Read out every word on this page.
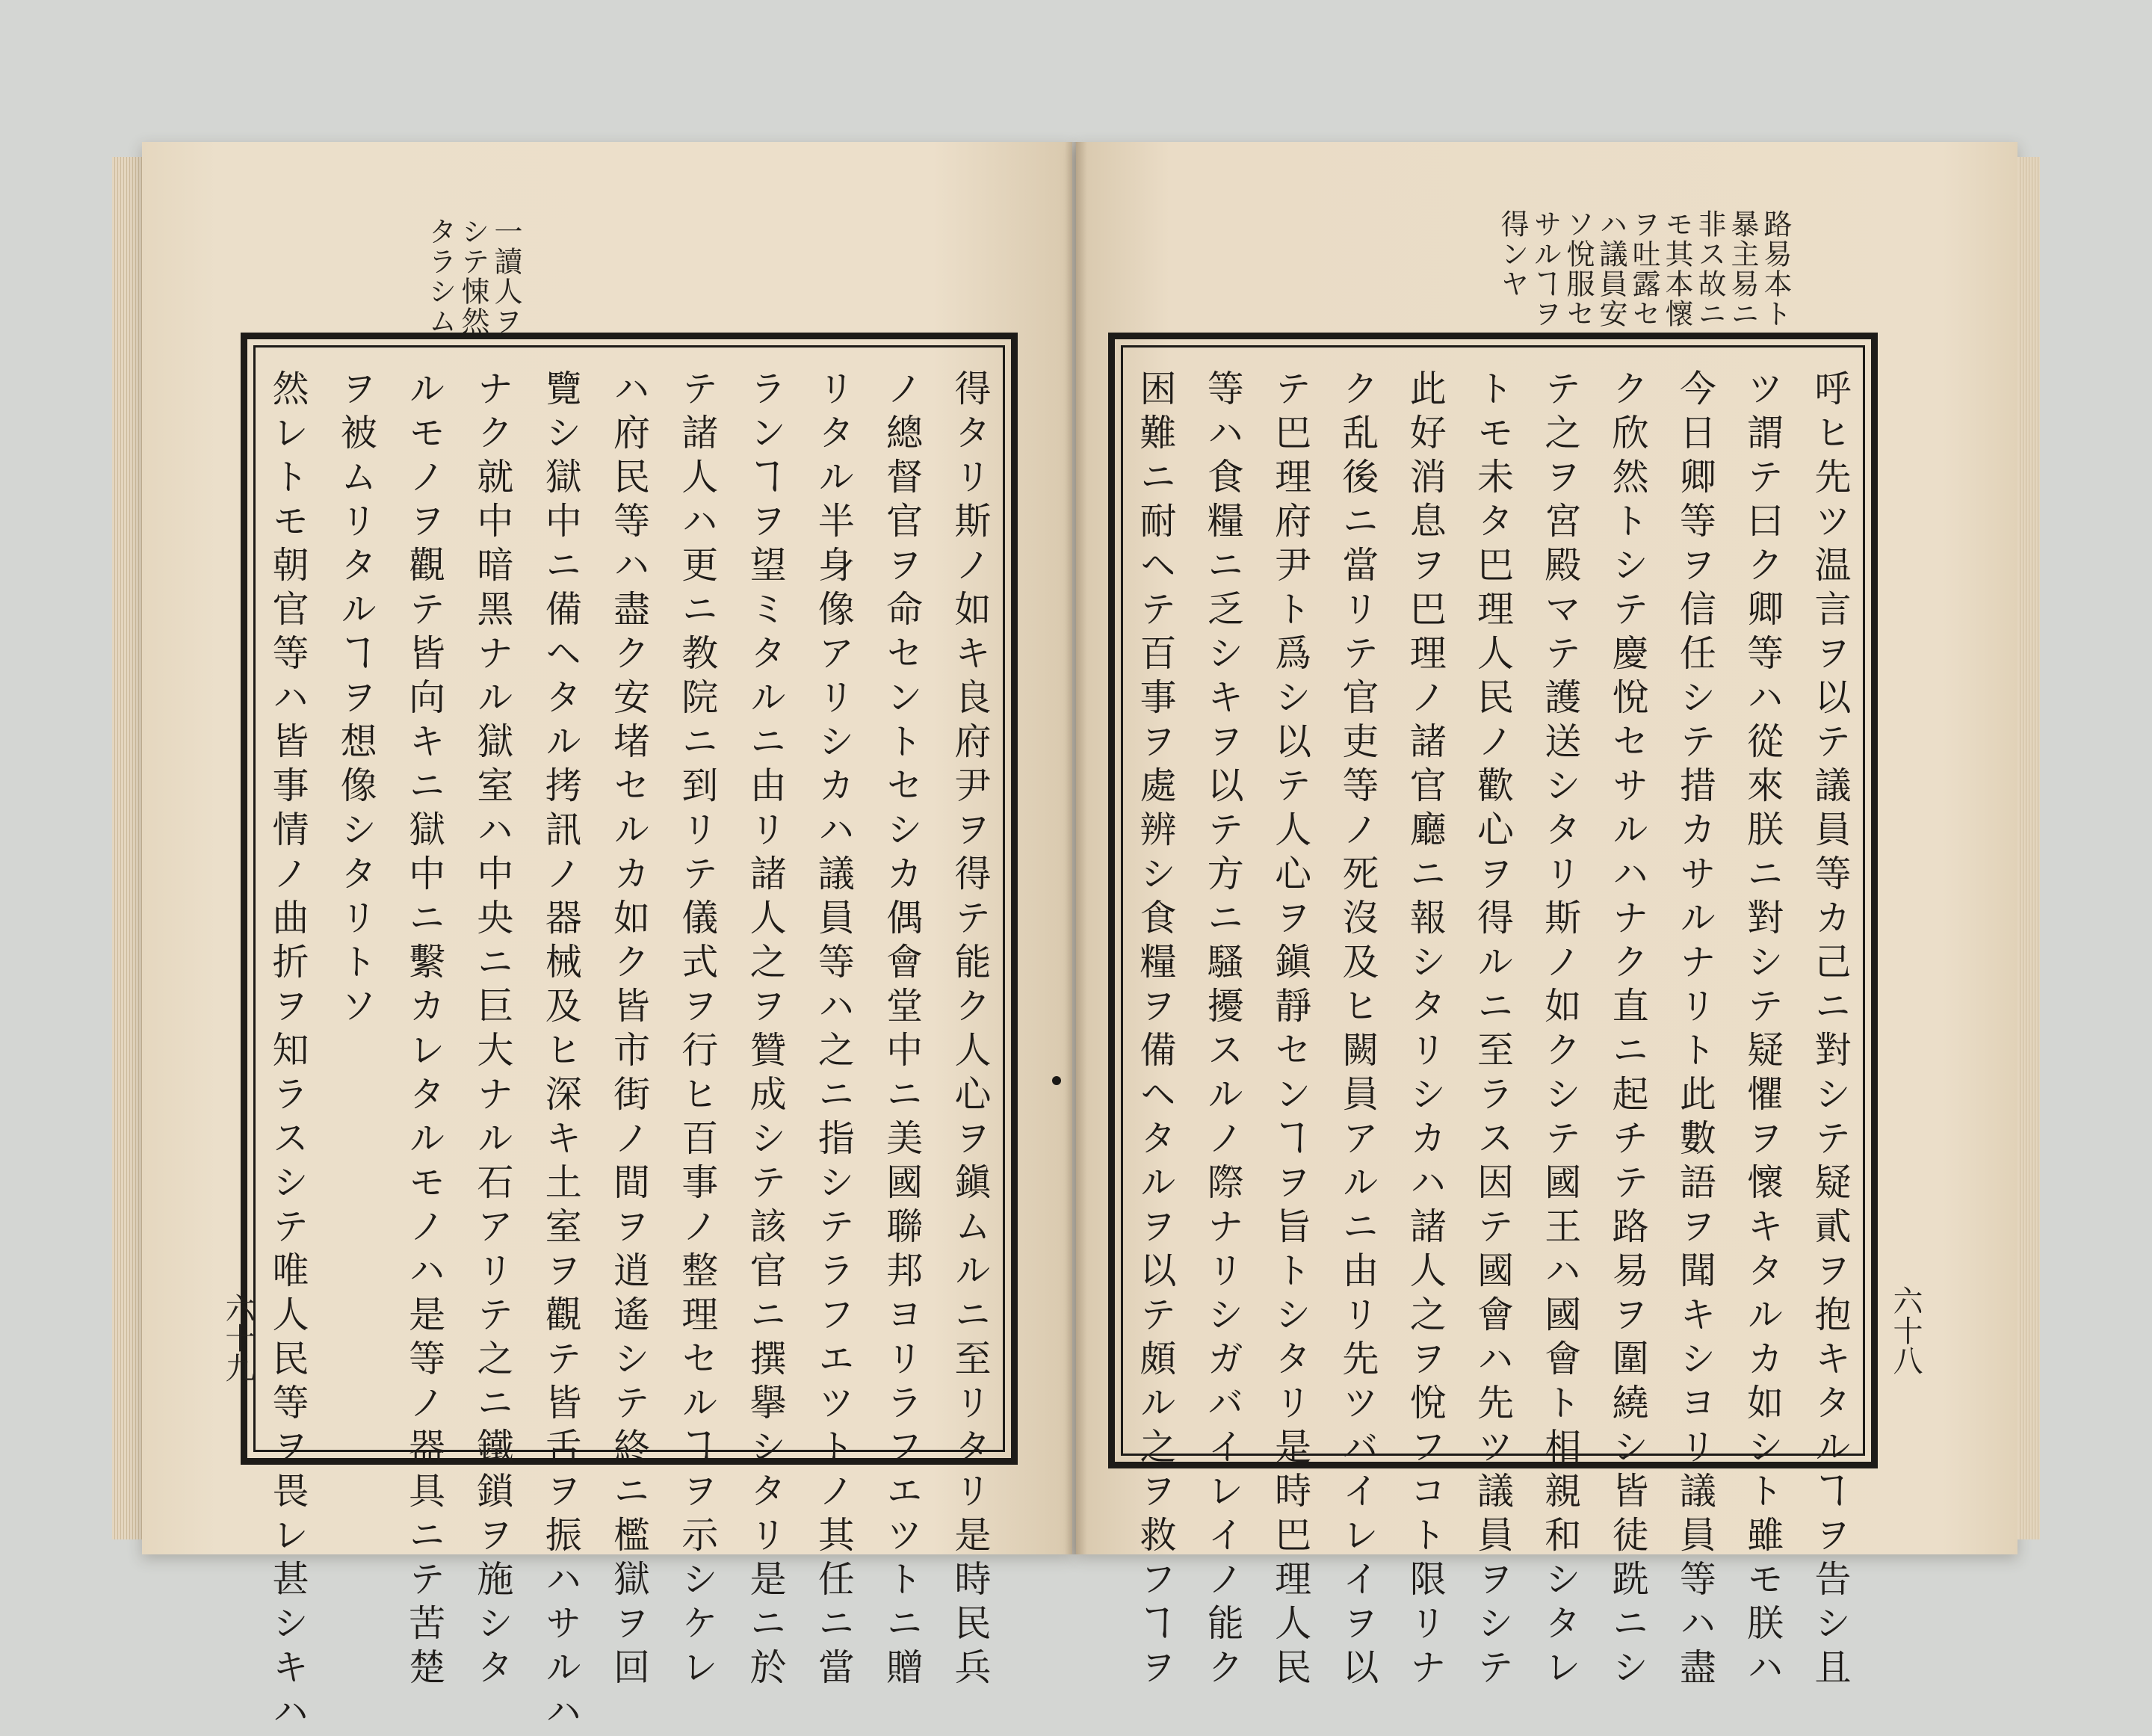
一讀人ヲ
シテ悚然
タラシム	路易本ト
暴主易ニ
非ス故ニ
モ其本懷
ヲ吐露セ
ハ議員安
ソ悅服セ
サルヿヲ
得ンヤ
得タリ斯ノ如キ良府尹ヲ得テ能ク人心ヲ鎭ムルニ至リタリ是時民兵
ノ總督官ヲ命セントセシカ偶會堂中ニ美國聯邦ヨリラフエツトニ贈
リタル半身像アリシカハ議員等ハ之ニ指シテラフエツトノ其任ニ當
ランヿヲ望ミタルニ由リ諸人之ヲ贊成シテ該官ニ撰擧シタリ是ニ於
テ諸人ハ更ニ教院ニ到リテ儀式ヲ行ヒ百事ノ整理セルヿヲ示シケレ
ハ府民等ハ盡ク安堵セルカ如ク皆市街ノ間ヲ逍遙シテ終ニ檻獄ヲ回
覽シ獄中ニ備ヘタル拷訊ノ器械及ヒ深キ土室ヲ觀テ皆舌ヲ振ハサルハ
ナク就中暗黑ナル獄室ハ中央ニ巨大ナル石アリテ之ニ鐵鎖ヲ施シタ
ルモノヲ觀テ皆向キニ獄中ニ繫カレタルモノハ是等ノ器具ニテ苦楚
ヲ被ムリタルヿヲ想像シタリトソ
然レトモ朝官等ハ皆事情ノ曲折ヲ知ラスシテ唯人民等ヲ畏レ甚シキハ	呼ヒ先ツ温言ヲ以テ議員等カ己ニ對シテ疑貳ヲ抱キタルヿヲ告シ且
ツ謂テ曰ク卿等ハ從來朕ニ對シテ疑懼ヲ懷キタルカ如シト雖モ朕ハ
今日卿等ヲ信任シテ措カサルナリト此數語ヲ聞キシヨリ議員等ハ盡
ク欣然トシテ慶悅セサルハナク直ニ起チテ路易ヲ圍繞シ皆徒跣ニシ
テ之ヲ宮殿マテ護送シタリ斯ノ如クシテ國王ハ國會ト相親和シタレ
トモ未タ巴理人民ノ歡心ヲ得ルニ至ラス因テ國會ハ先ツ議員ヲシテ
此好消息ヲ巴理ノ諸官廳ニ報シタリシカハ諸人之ヲ悅フコト限リナ
ク乱後ニ當リテ官吏等ノ死沒及ヒ闕員アルニ由リ先ツバイレイヲ以
テ巴理府尹ト爲シ以テ人心ヲ鎭靜センヿヲ旨トシタリ是時巴理人民
等ハ食糧ニ乏シキヲ以テ方ニ騷擾スルノ際ナリシガバイレイノ能ク
困難ニ耐ヘテ百事ヲ處辨シ食糧ヲ備ヘタルヲ以テ頗ル之ヲ救フヿヲ
六十九	六十八
